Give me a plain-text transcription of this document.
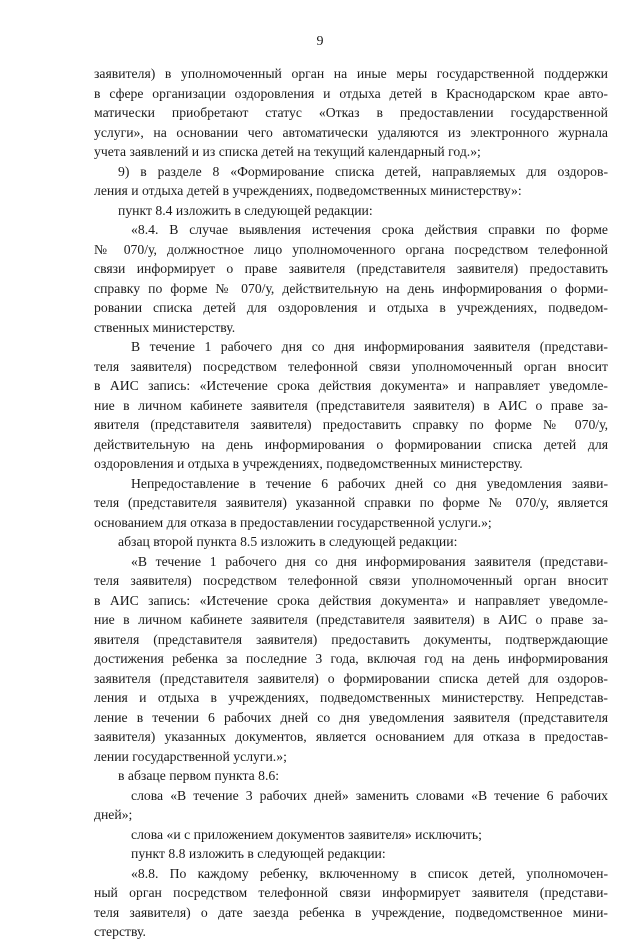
9
заявителя) в уполномоченный орган на иные меры государственной поддержки
в сфере организации оздоровления и отдыха детей в Краснодарском крае авто-
матически приобретают статус «Отказ в предоставлении государственной
услуги», на основании чего автоматически удаляются из электронного журнала
учета заявлений и из списка детей на текущий календарный год.»;
9) в разделе 8 «Формирование списка детей, направляемых для оздоров-
ления и отдыха детей в учреждениях, подведомственных министерству»:
пункт 8.4 изложить в следующей редакции:
«8.4. В случае выявления истечения срока действия справки по форме
№ 070/у, должностное лицо уполномоченного органа посредством телефонной
связи информирует о праве заявителя (представителя заявителя) предоставить
справку по форме № 070/у, действительную на день информирования о форми-
ровании списка детей для оздоровления и отдыха в учреждениях, подведом-
ственных министерству.
В течение 1 рабочего дня со дня информирования заявителя (представи-
теля заявителя) посредством телефонной связи уполномоченный орган вносит
в АИС запись: «Истечение срока действия документа» и направляет уведомле-
ние в личном кабинете заявителя (представителя заявителя) в АИС о праве за-
явителя (представителя заявителя) предоставить справку по форме № 070/у,
действительную на день информирования о формировании списка детей для
оздоровления и отдыха в учреждениях, подведомственных министерству.
Непредоставление в течение 6 рабочих дней со дня уведомления заяви-
теля (представителя заявителя) указанной справки по форме № 070/у, является
основанием для отказа в предоставлении государственной услуги.»;
абзац второй пункта 8.5 изложить в следующей редакции:
«В течение 1 рабочего дня со дня информирования заявителя (представи-
теля заявителя) посредством телефонной связи уполномоченный орган вносит
в АИС запись: «Истечение срока действия документа» и направляет уведомле-
ние в личном кабинете заявителя (представителя заявителя) в АИС о праве за-
явителя (представителя заявителя) предоставить документы, подтверждающие
достижения ребенка за последние 3 года, включая год на день информирования
заявителя (представителя заявителя) о формировании списка детей для оздоров-
ления и отдыха в учреждениях, подведомственных министерству. Непредстав-
ление в течении 6 рабочих дней со дня уведомления заявителя (представителя
заявителя) указанных документов, является основанием для отказа в предостав-
лении государственной услуги.»;
в абзаце первом пункта 8.6:
слова «В течение 3 рабочих дней» заменить словами «В течение 6 рабочих
дней»;
слова «и с приложением документов заявителя» исключить;
пункт 8.8 изложить в следующей редакции:
«8.8. По каждому ребенку, включенному в список детей, уполномочен-
ный орган посредством телефонной связи информирует заявителя (представи-
теля заявителя) о дате заезда ребенка в учреждение, подведомственное мини-
стерству.
